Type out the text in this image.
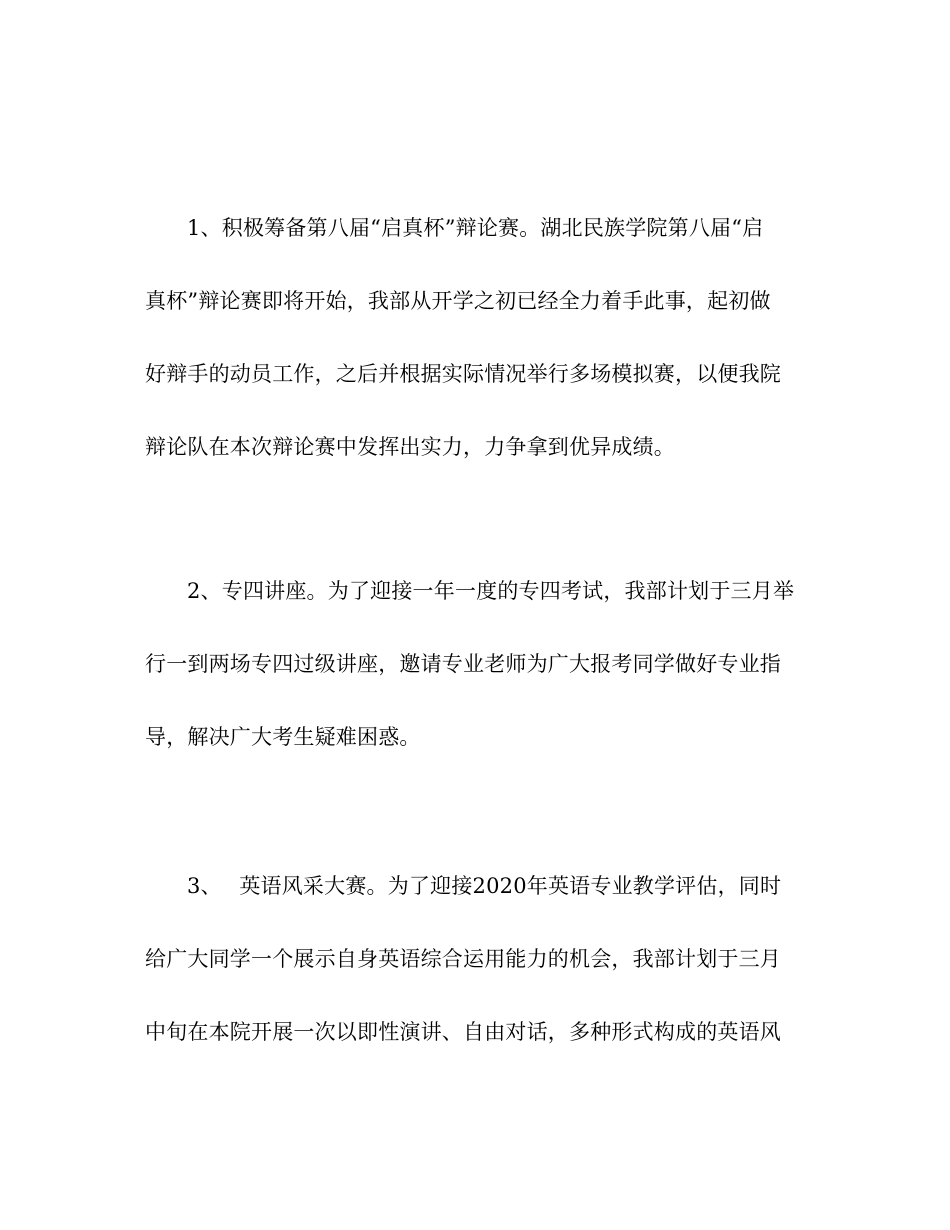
1、积极筹备第八届“启真杯”辩论赛。湖北民族学院第八届“启
真杯”辩论赛即将开始，我部从开学之初已经全力着手此事，起初做
好辩手的动员工作，之后并根据实际情况举行多场模拟赛，以便我院
辩论队在本次辩论赛中发挥出实力，力争拿到优异成绩。
2、专四讲座。为了迎接一年一度的专四考试，我部计划于三月举
行一到两场专四过级讲座，邀请专业老师为广大报考同学做好专业指
导，解决广大考生疑难困惑。
3、　 英语风采大赛。为了迎接2020年英语专业教学评估，同时
给广大同学一个展示自身英语综合运用能力的机会，我部计划于三月
中旬在本院开展一次以即性演讲、自由对话，多种形式构成的英语风
